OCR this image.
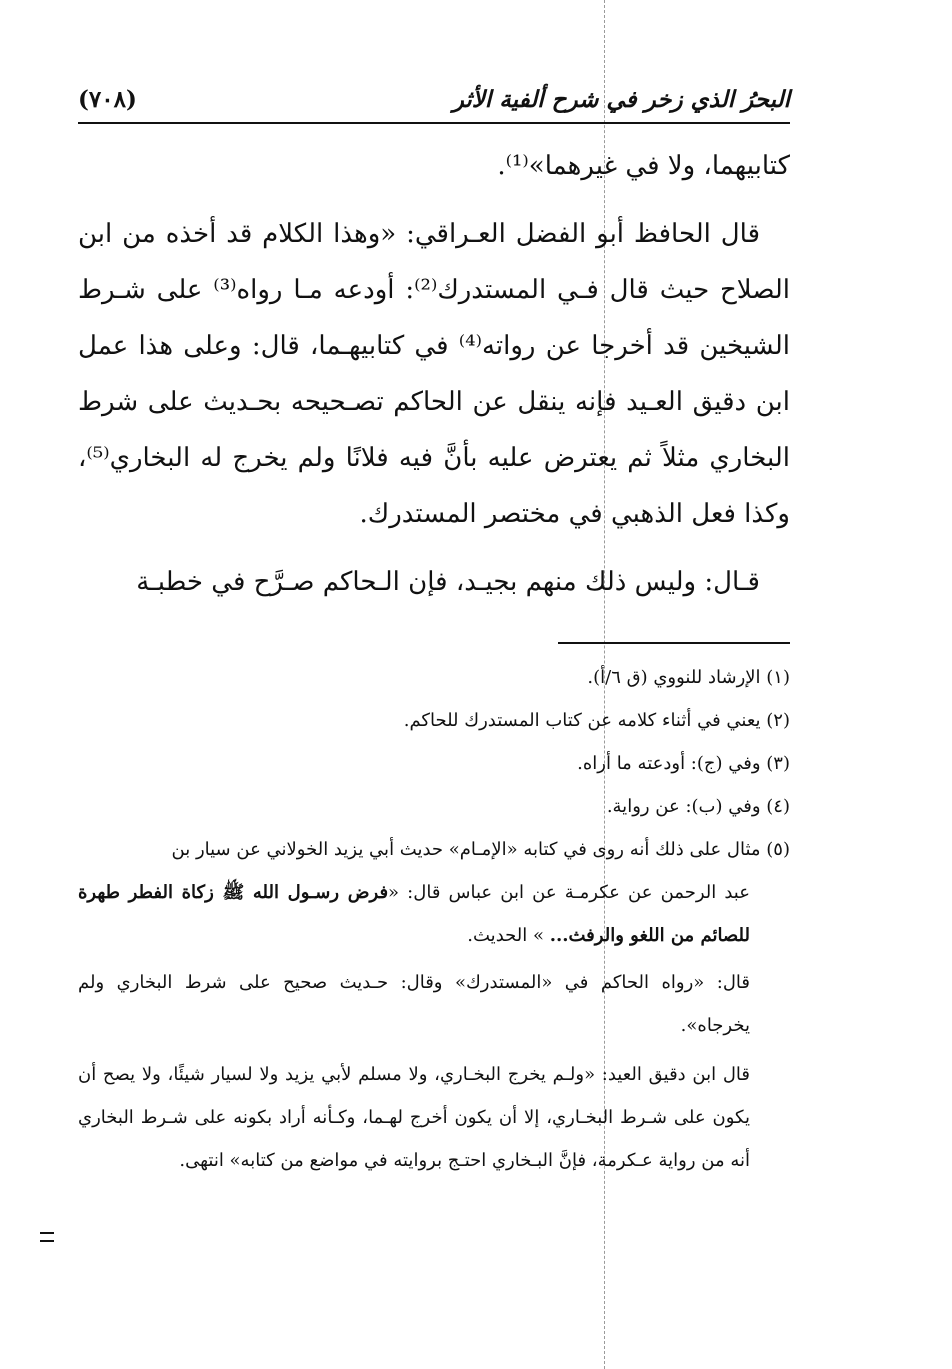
البحرُ الذي زخر في شرح ألفية الأثر
(٧٠٨)

كتابيهما، ولا في غيرهما»⁽¹⁾.

قال الحافظ أبو الفضل العـراقي: «وهذا الكلام قد أخذه من ابن الصلاح حيث قال فـي المستدرك⁽²⁾: أودعه مـا رواه⁽³⁾ على شـرط الشيخين قد أخرجا عن رواته⁽⁴⁾ في كتابيهـما، قال: وعلى هذا عمل ابن دقيق العـيد فإنه ينقل عن الحاكم تصـحيحه بحـديث على شرط البخاري مثلاً ثم يعترض عليه بأنَّ فيه فلانًا ولم يخرج له البخاري⁽⁵⁾، وكذا فعل الذهبي في مختصر المستدرك.

قـال: وليس ذلك منهم بجيـد، فإن الـحاكم صـرَّح في خطبـة

(١) الإرشاد للنووي (ق ٦/أ).

(٢) يعني في أثناء كلامه عن كتاب المستدرك للحاكم.

(٣) وفي (ج): أودعته ما أراه.

(٤) وفي (ب): عن رواية.

(٥) مثال على ذلك أنه روى في كتابه «الإمـام» حديث أبي يزيد الخولاني عن سيار بن

عبد الرحمن عن عكرمـة عن ابن عباس قال: «فرض رسـول الله ﷺ زكاة الفطر طهرة للصائم من اللغو والرفث... » الحديث.

قال: «رواه الحاكم في «المستدرك» وقال: حـديث صحيح على شرط البخاري ولم يخرجاه».

قال ابن دقيق العيد: «ولـم يخرج البخـاري، ولا مسلم لأبي يزيد ولا لسيار شيئًا، ولا يصح أن يكون على شـرط البخـاري، إلا أن يكون أخرج لهـما، وكـأنه أراد بكونه على شـرط البخاري أنه من رواية عـكرمة، فإنَّ البـخاري احتـج بروايته في مواضع من كتابه» انتهى.
